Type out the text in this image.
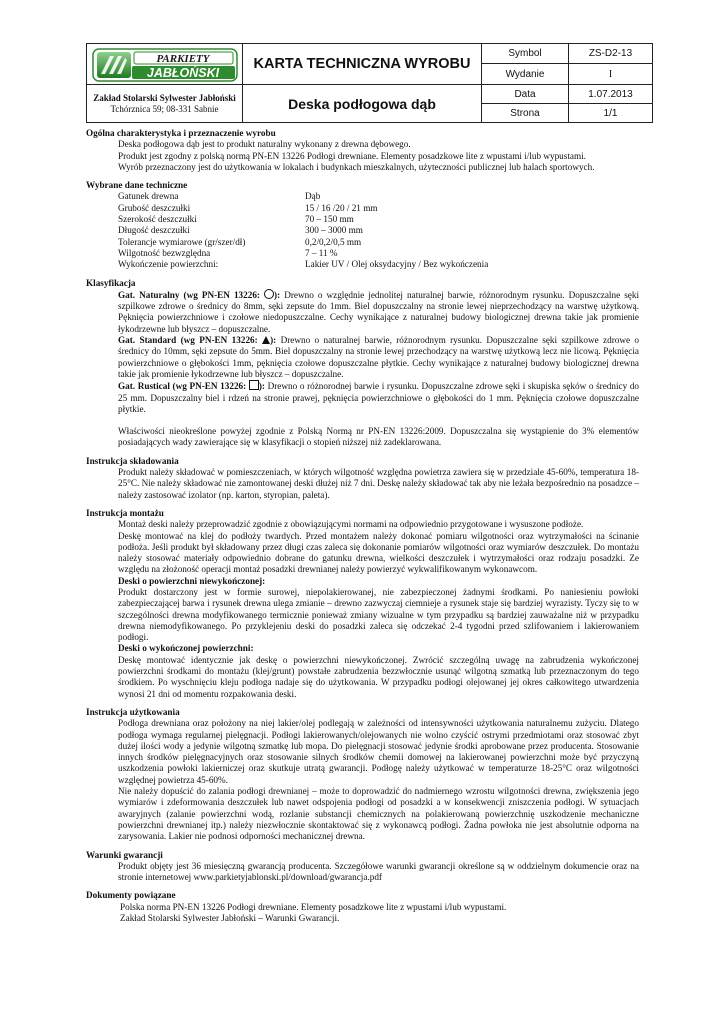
PARKIETY
JABŁOŃSKI	KARTA TECHNICZNA WYROBU	Symbol	ZS-D2-13
		Wydanie	I
Zakład Stolarski Sylwester Jabłoński
Tchórznica 59; 08-331 Sabnie	Deska podłogowa dąb	Data	1.07.2013
		Strona	1/1
Ogólna charakterystyka i przeznaczenie wyrobu
Deska podłogowa dąb jest to produkt naturalny wykonany z drewna dębowego.
Produkt jest zgodny z polską normą PN-EN 13226 Podłogi drewniane. Elementy posadzkowe lite z wpustami i/lub wypustami.
Wyrób przeznaczony jest do użytkowania w lokalach i budynkach mieszkalnych, użyteczności publicznej lub halach sportowych.
Wybrane dane techniczne
Gatunek drewna	Dąb
Grubość deszczułki	15 / 16 /20 / 21 mm
Szerokość deszczułki	70 – 150 mm
Długość deszczułki	300 – 3000 mm
Tolerancje wymiarowe (gr/szer/dł)	0,2/0,2/0,5 mm
Wilgotność bezwzględna	7 – 11 %
Wykończenie powierzchni:	Lakier UV / Olej oksydacyjny / Bez wykończenia
Klasyfikacja
Gat. Naturalny (wg PN-EN 13226: ): Drewno o względnie jednolitej naturalnej barwie, różnorodnym rysunku. Dopuszczalne sęki szpilkowe zdrowe o średnicy do 8mm, sęki zepsute do 1mm. Biel dopuszczalny na stronie lewej nieprzechodzący na warstwę użytkową. Pęknięcia powierzchniowe i czołowe niedopuszczalne. Cechy wynikające z naturalnej budowy biologicznej drewna takie jak promienie łykodrzewne lub błyszcz – dopuszczalne.
Gat. Standard (wg PN-EN 13226: ): Drewno o naturalnej barwie, różnorodnym rysunku. Dopuszczalne sęki szpilkowe zdrowe o średnicy do 10mm, sęki zepsute do 5mm. Biel dopuszczalny na stronie lewej przechodzący na warstwę użytkową lecz nie licową. Pęknięcia powierzchniowe o głębokości 1mm, pęknięcia czołowe dopuszczalne płytkie. Cechy wynikające z naturalnej budowy biologicznej drewna takie jak promienie łykodrzewne lub błyszcz – dopuszczalne.
Gat. Rustical (wg PN-EN 13226: ): Drewno o różnorodnej barwie i rysunku. Dopuszczalne zdrowe sęki i skupiska sęków o średnicy do 25 mm. Dopuszczalny biel i rdzeń na stronie prawej, pęknięcia powierzchniowe o głębokości do 1 mm. Pęknięcia czołowe dopuszczalne płytkie.
Właściwości nieokreślone powyżej zgodnie z Polską Normą nr PN-EN 13226:2009. Dopuszczalna się wystąpienie do 3% elementów posiadających wady zawierające się w klasyfikacji o stopień niższej niż zadeklarowana.
Instrukcja składowania
Produkt należy składować w pomieszczeniach, w których wilgotność względna powietrza zawiera się w przedziale 45-60%, temperatura 18-25°C. Nie należy składować nie zamontowanej deski dłużej niż 7 dni. Deskę należy składować tak aby nie leżała bezpośrednio na posadzce – należy zastosować izolator (np. karton, styropian, paleta).
Instrukcja montażu
Montaż deski należy przeprowadzić zgodnie z obowiązującymi normami na odpowiednio przygotowane i wysuszone podłoże.
Deskę montować na klej do podłoży twardych. Przed montażem należy dokonać pomiaru wilgotności oraz wytrzymałości na ścinanie podłoża. Jeśli produkt był składowany przez długi czas zaleca się dokonanie pomiarów wilgotności oraz wymiarów deszczułek. Do montażu należy stosować materiały odpowiednio dobrane do gatunku drewna, wielkości deszczułek i wytrzymałości oraz rodzaju posadzki. Ze względu na złożoność operacji montaż posadzki drewnianej należy powierzyć wykwalifikowanym wykonawcom.
Deski o powierzchni niewykończonej:
Produkt dostarczony jest w formie surowej, niepolakierowanej, nie zabezpieczonej żadnymi środkami. Po naniesieniu powłoki zabezpieczającej barwa i rysunek drewna ulega zmianie – drewno zazwyczaj ciemnieje a rysunek staje się bardziej wyrazisty. Tyczy się to w szczególności drewna modyfikowanego termicznie ponieważ zmiany wizualne w tym przypadku są bardziej zauważalne niż w przypadku drewna niemodyfikowanego. Po przyklejeniu deski do posadzki zaleca się odczekać 2-4 tygodni przed szlifowaniem i lakierowaniem podłogi.
Deski o wykończonej powierzchni:
Deskę montować identycznie jak deskę o powierzchni niewykończonej. Zwrócić szczególną uwagę na zabrudzenia wykończonej powierzchni środkami do montażu (klej/grunt) powstałe zabrudzenia bezzwłocznie usunąć wilgotną szmatką lub przeznaczonym do tego środkiem. Po wyschnięciu kleju podłoga nadaje się do użytkowania. W przypadku podłogi olejowanej jej okres całkowitego utwardzenia wynosi 21 dni od momentu rozpakowania deski.
Instrukcja użytkowania
Podłoga drewniana oraz położony na niej lakier/olej podlegają w zależności od intensywności użytkowania naturalnemu zużyciu. Dlatego podłoga wymaga regularnej pielęgnacji. Podłogi lakierowanych/olejowanych nie wolno czyścić ostrymi przedmiotami oraz stosować zbyt dużej ilości wody a jedynie wilgotną szmatkę lub mopa. Do pielęgnacji stosować jedynie środki aprobowane przez producenta. Stosowanie innych środków pielęgnacyjnych oraz stosowanie silnych środków chemii domowej na lakierowanej powierzchni może być przyczyną uszkodzenia powłoki lakierniczej oraz skutkuje utratą gwarancji. Podłogę należy użytkować w temperaturze 18-25°C oraz wilgotności względnej powietrza 45-60%.
Nie należy dopuścić do zalania podłogi drewnianej – może to doprowadzić do nadmiernego wzrostu wilgotności drewna, zwiększenia jego wymiarów i zdeformowania deszczułek lub nawet odspojenia podłogi od posadzki a w konsekwencji zniszczenia podłogi. W sytuacjach awaryjnych (zalanie powierzchni wodą, rozlanie substancji chemicznych na polakierowaną powierzchnię uszkodzenie mechaniczne powierzchni drewnianej itp.) należy niezwłocznie skontaktować się z wykonawcą podłogi. Żadna powłoka nie jest absolutnie odporna na zarysowania. Lakier nie podnosi odporności mechanicznej drewna.
Warunki gwarancji
Produkt objęty jest 36 miesięczną gwarancją producenta. Szczegółowe warunki gwarancji określone są w oddzielnym dokumencie oraz na stronie internetowej www.parkietyjablonski.pl/download/gwarancja.pdf
Dokumenty powiązane
Polska norma PN-EN 13226 Podłogi drewniane. Elementy posadzkowe lite z wpustami i/lub wypustami.
Zakład Stolarski Sylwester Jabłoński – Warunki Gwarancji.
